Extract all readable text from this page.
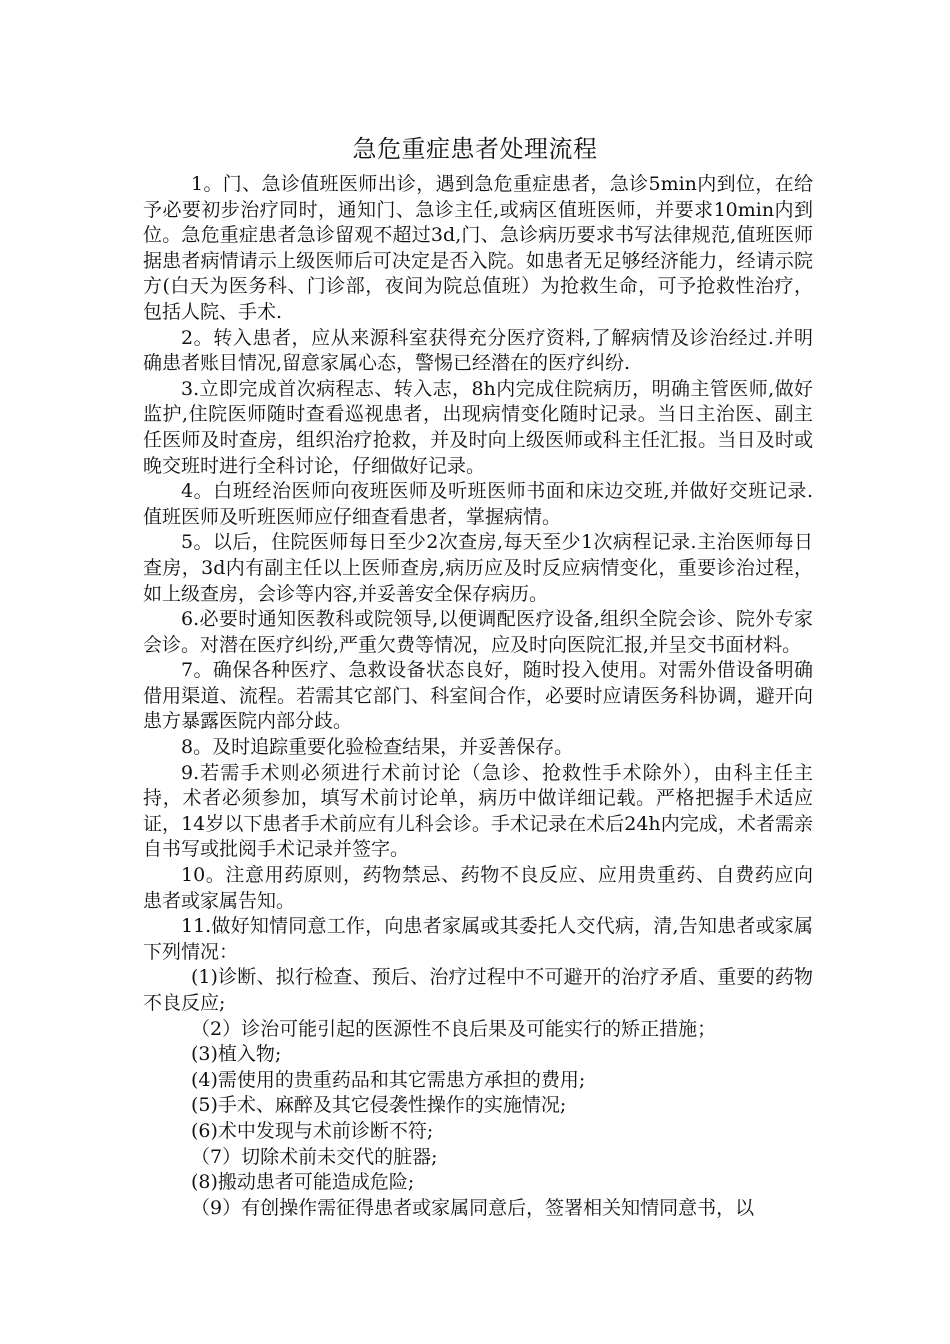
急危重症患者处理流程

1。门、急诊值班医师出诊，遇到急危重症患者，急诊5min内到位，在给予必要初步治疗同时，通知门、急诊主任,或病区值班医师，并要求10min内到位。急危重症患者急诊留观不超过3d,门、急诊病历要求书写法律规范,值班医师据患者病情请示上级医师后可决定是否入院。如患者无足够经济能力，经请示院方(白天为医务科、门诊部，夜间为院总值班）为抢救生命，可予抢救性治疗，包括人院、手术.

2。转入患者，应从来源科室获得充分医疗资料,了解病情及诊治经过.并明确患者账目情况,留意家属心态，警惕已经潜在的医疗纠纷.

3.立即完成首次病程志、转入志，8h内完成住院病历，明确主管医师,做好监护,住院医师随时查看巡视患者，出现病情变化随时记录。当日主治医、副主任医师及时查房，组织治疗抢救，并及时向上级医师或科主任汇报。当日及时或晚交班时进行全科讨论，仔细做好记录。

4。白班经治医师向夜班医师及听班医师书面和床边交班,并做好交班记录.值班医师及听班医师应仔细查看患者，掌握病情。

5。以后，住院医师每日至少2次查房,每天至少1次病程记录.主治医师每日查房，3d内有副主任以上医师查房,病历应及时反应病情变化，重要诊治过程，如上级查房，会诊等内容,并妥善安全保存病历。

6.必要时通知医教科或院领导,以便调配医疗设备,组织全院会诊、院外专家会诊。对潜在医疗纠纷,严重欠费等情况，应及时向医院汇报,并呈交书面材料。

7。确保各种医疗、急救设备状态良好，随时投入使用。对需外借设备明确借用渠道、流程。若需其它部门、科室间合作，必要时应请医务科协调，避开向患方暴露医院内部分歧。

8。及时追踪重要化验检查结果，并妥善保存。

9.若需手术则必须进行术前讨论（急诊、抢救性手术除外），由科主任主持，术者必须参加，填写术前讨论单，病历中做详细记载。严格把握手术适应证，14岁以下患者手术前应有儿科会诊。手术记录在术后24h内完成，术者需亲自书写或批阅手术记录并签字。

10。注意用药原则，药物禁忌、药物不良反应、应用贵重药、自费药应向患者或家属告知。

11.做好知情同意工作，向患者家属或其委托人交代病，清,告知患者或家属下列情况：

(1)诊断、拟行检查、预后、治疗过程中不可避开的治疗矛盾、重要的药物不良反应;

（2）诊治可能引起的医源性不良后果及可能实行的矫正措施；

(3)植入物;

(4)需使用的贵重药品和其它需患方承担的费用;

(5)手术、麻醉及其它侵袭性操作的实施情况;

(6)术中发现与术前诊断不符;

（7）切除术前未交代的脏器;

(8)搬动患者可能造成危险;

（9）有创操作需征得患者或家属同意后，签署相关知情同意书，以
